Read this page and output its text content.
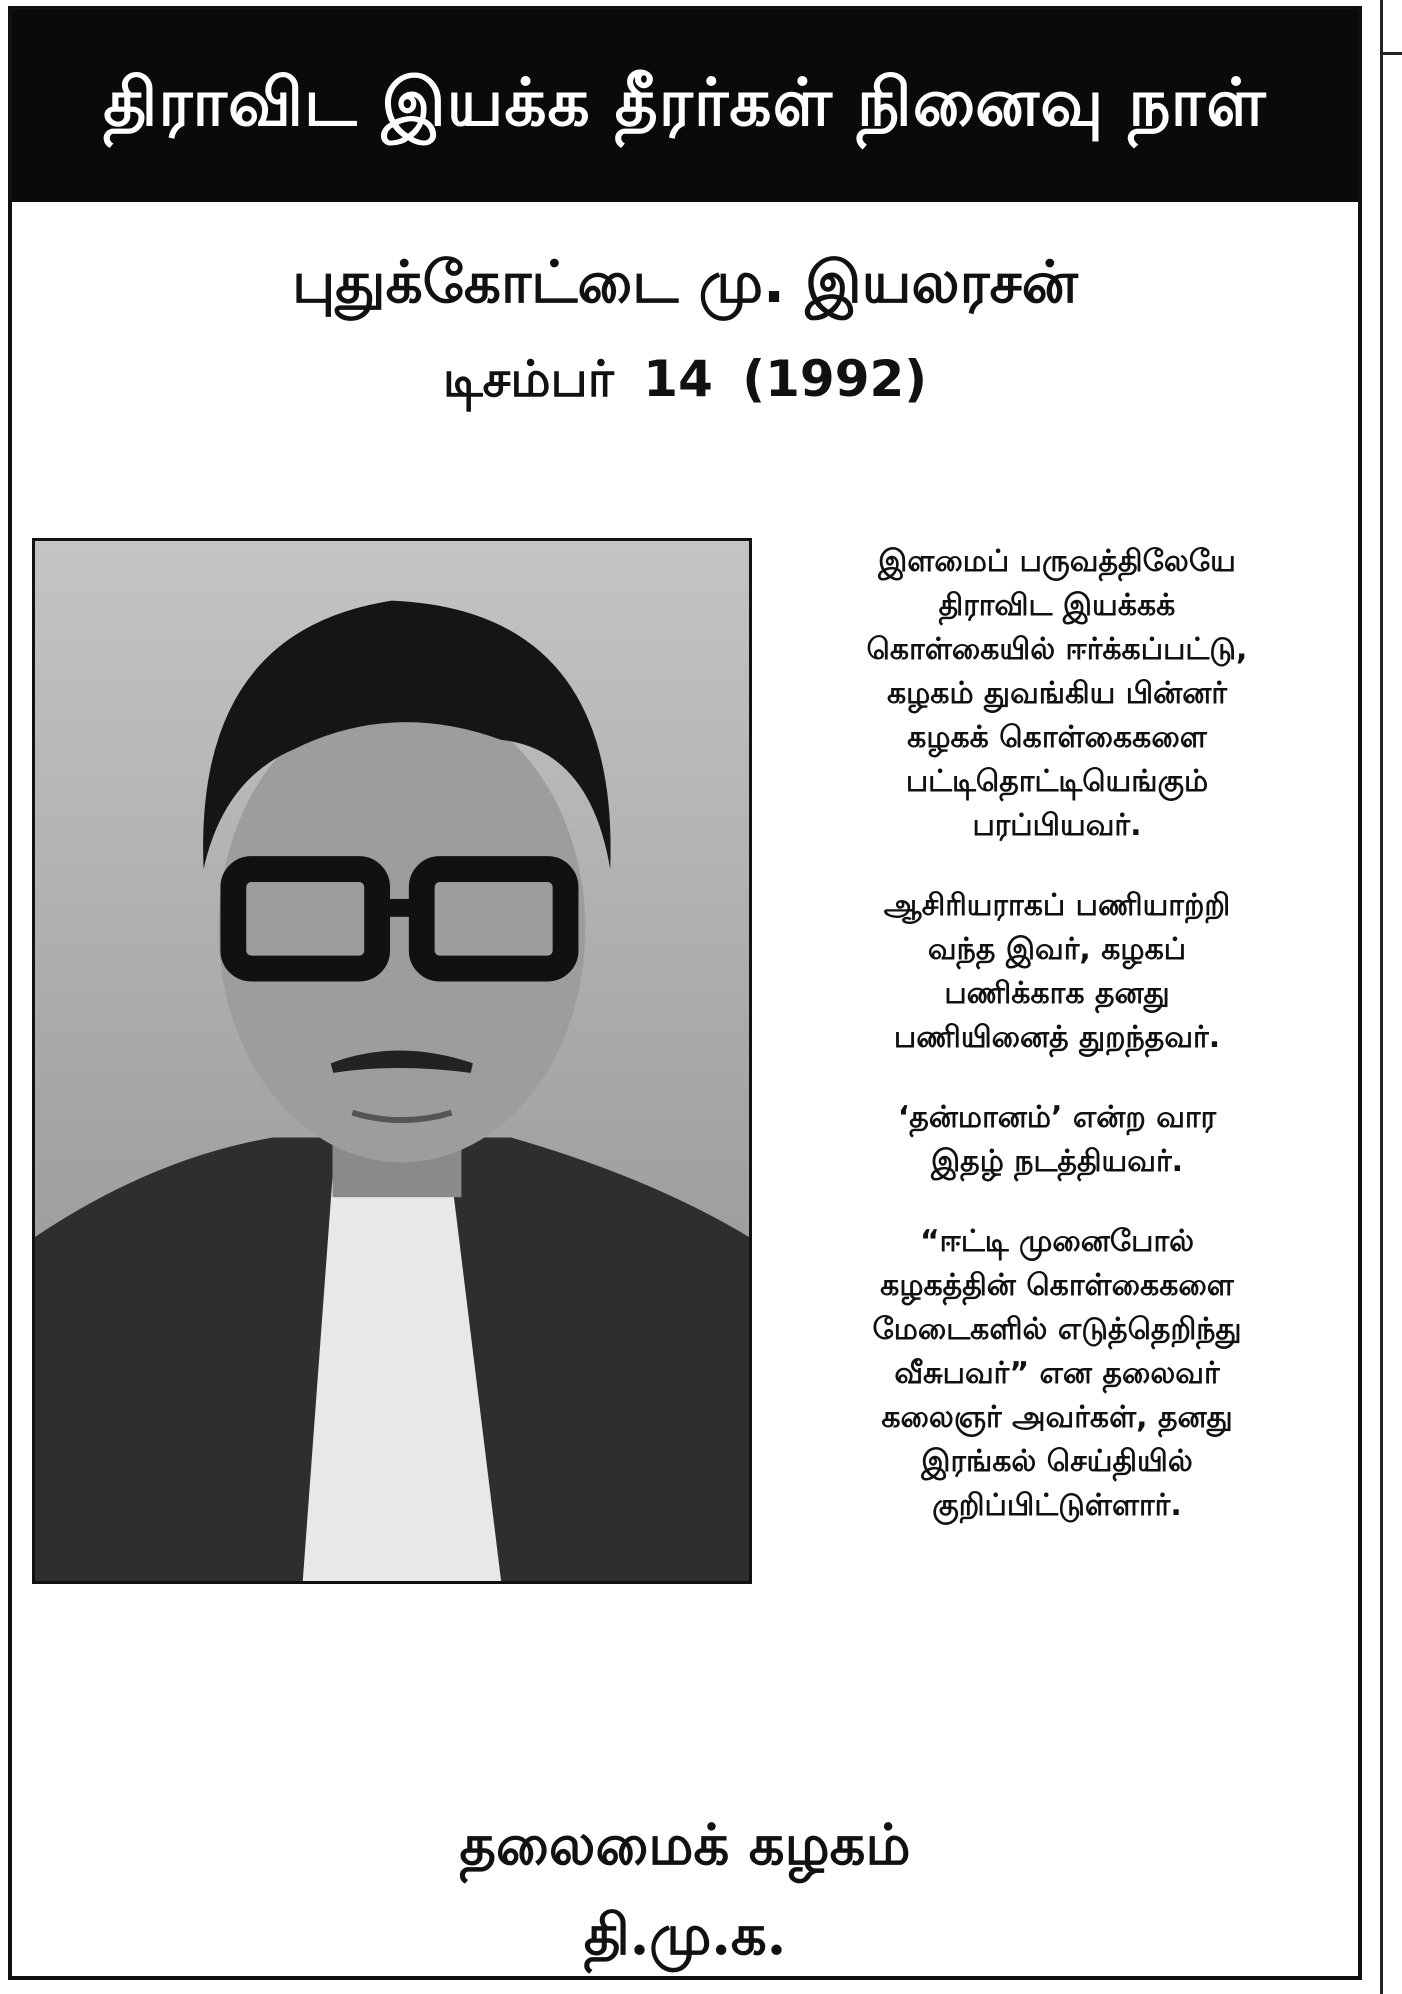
திராவிட இயக்க தீரர்கள் நினைவு நாள்
புதுக்கோட்டை மு. இயலரசன்
டிசம்பர் 14 (1992)

இளமைப் பருவத்திலேயே
திராவிட இயக்கக்
கொள்கையில் ஈர்க்கப்பட்டு,
கழகம் துவங்கிய பின்னர்
கழகக் கொள்கைகளை
பட்டிதொட்டியெங்கும்
பரப்பியவர்.

ஆசிரியராகப் பணியாற்றி
வந்த இவர், கழகப்
பணிக்காக தனது
பணியினைத் துறந்தவர்.

‘தன்மானம்’ என்ற வார
இதழ் நடத்தியவர்.

“ஈட்டி முனைபோல்
கழகத்தின் கொள்கைகளை
மேடைகளில் எடுத்தெறிந்து
வீசுபவர்” என தலைவர்
கலைஞர் அவர்கள், தனது
இரங்கல் செய்தியில்
குறிப்பிட்டுள்ளார்.

தலைமைக் கழகம்
தி.மு.க.
